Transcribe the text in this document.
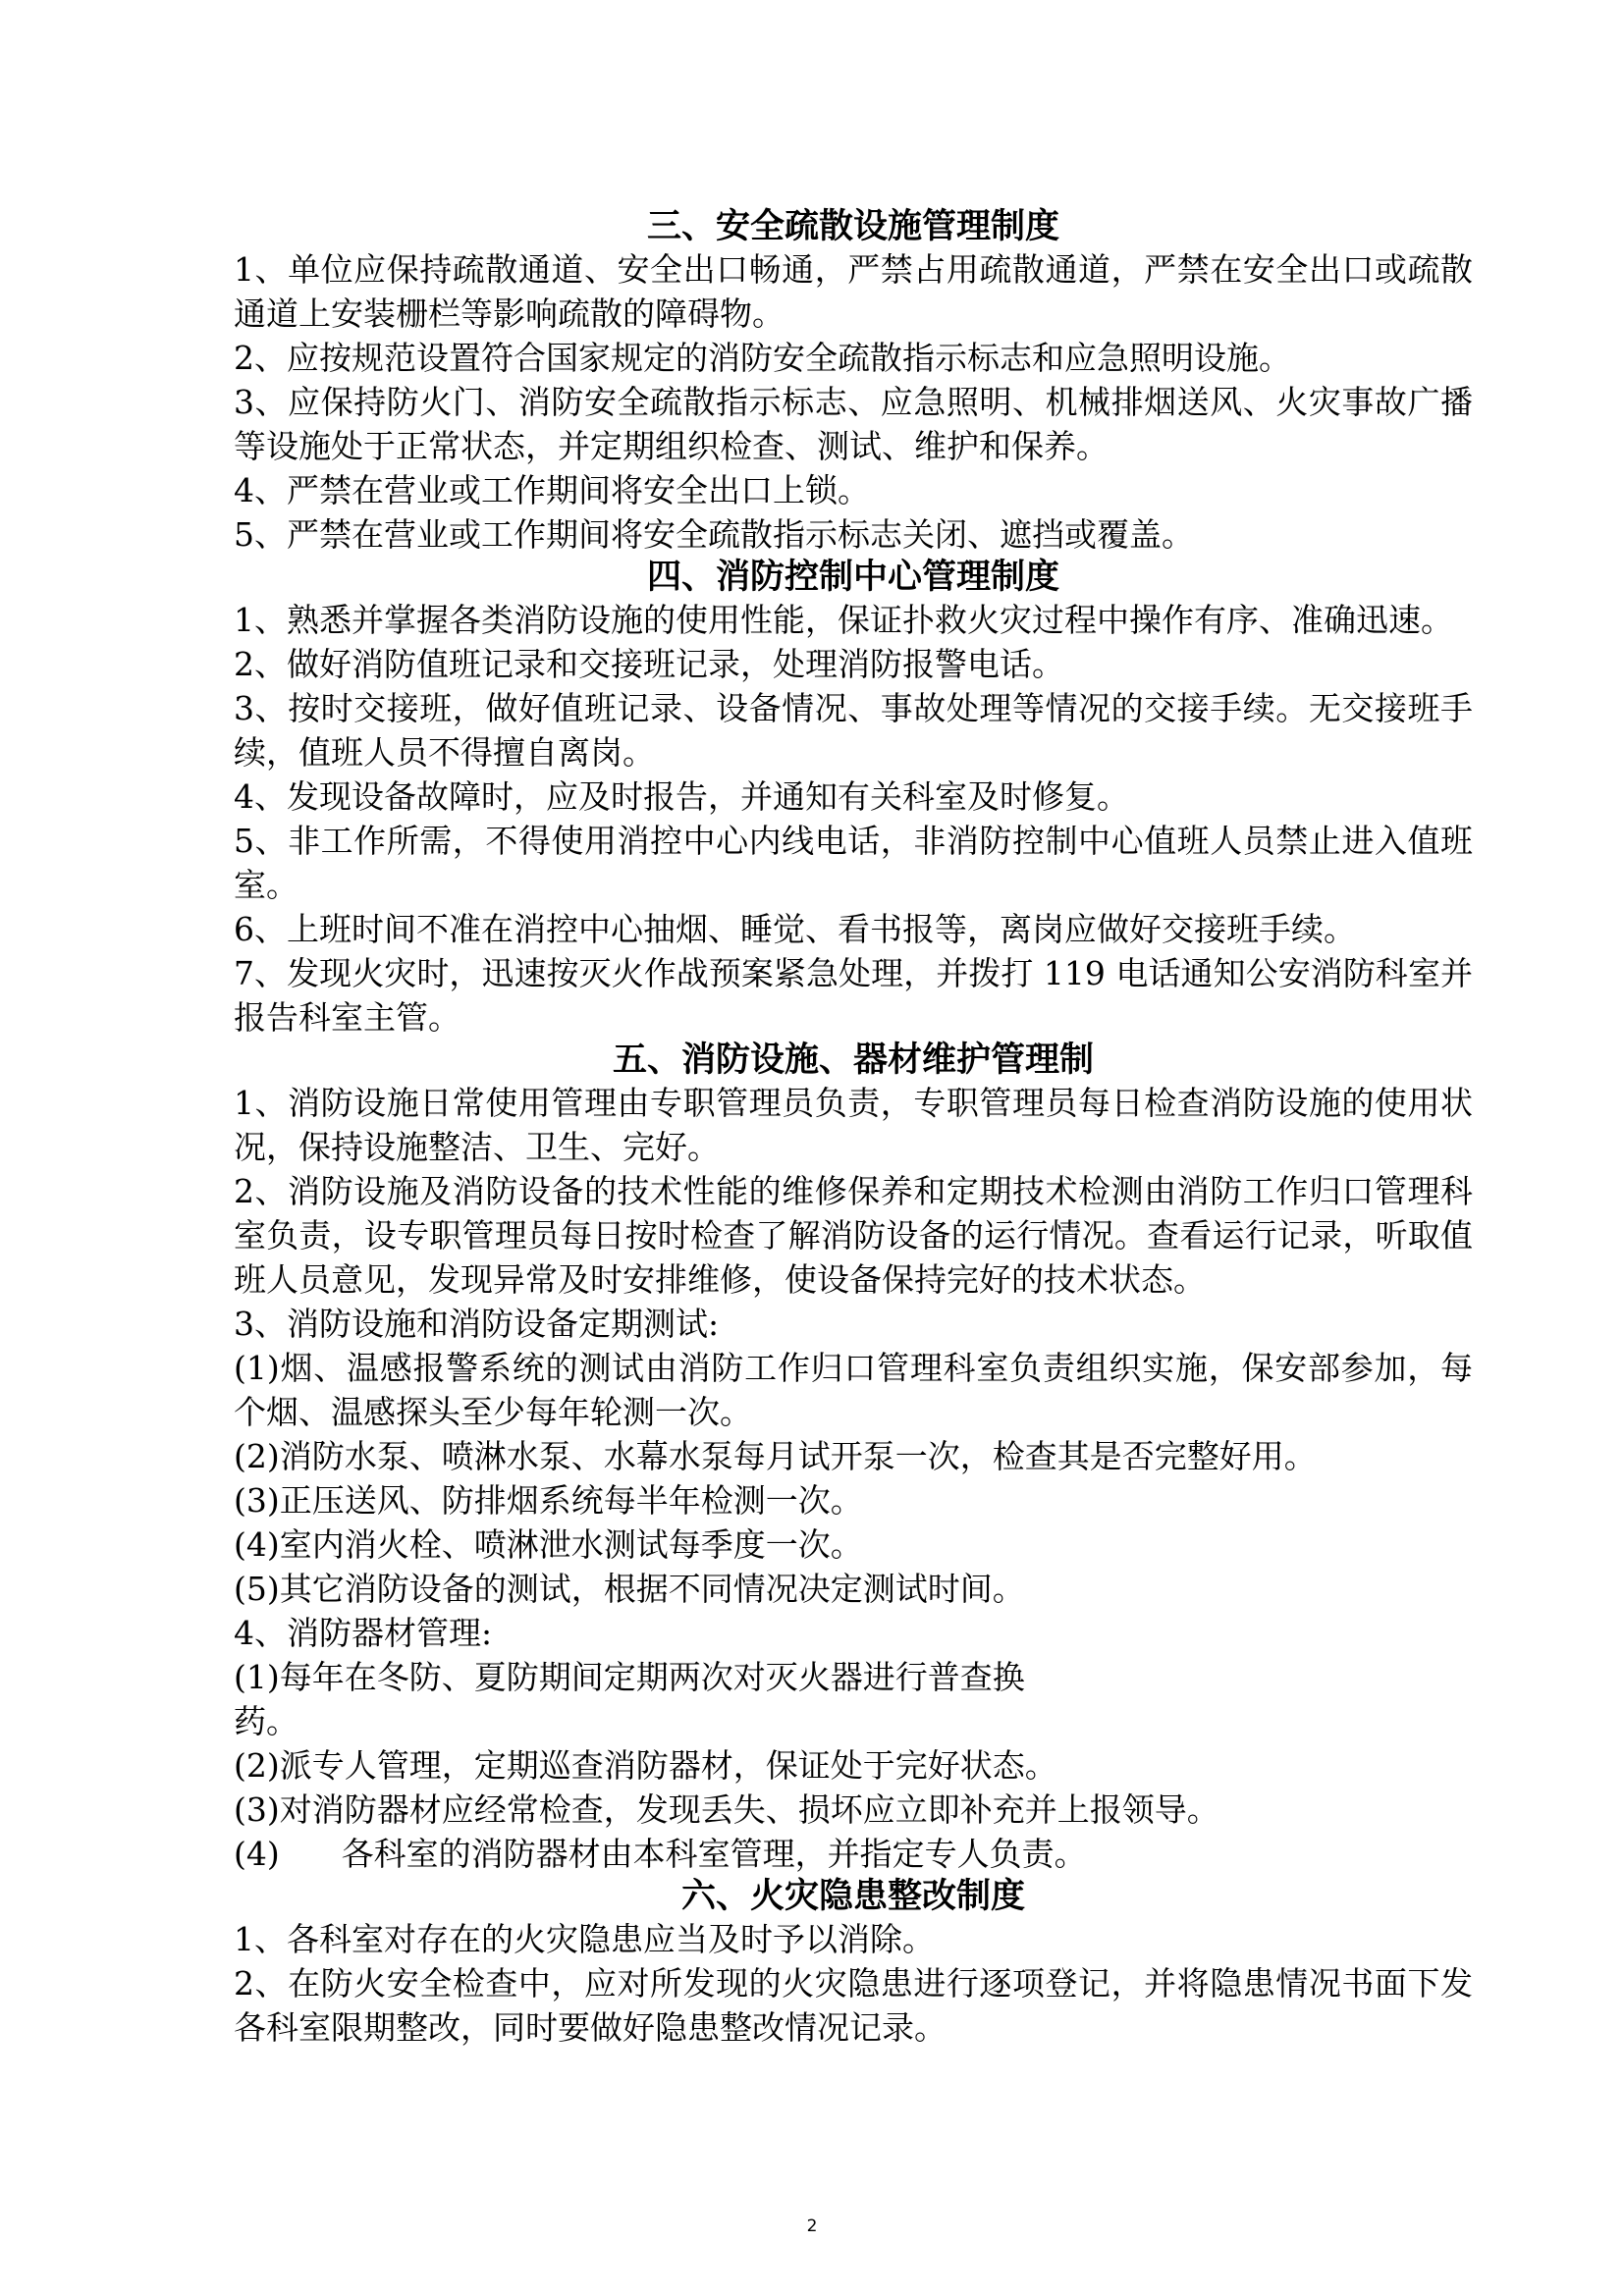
三、安全疏散设施管理制度

1、单位应保持疏散通道、安全出口畅通，严禁占用疏散通道，严禁在安全出口或疏散通道上安装栅栏等影响疏散的障碍物。

2、应按规范设置符合国家规定的消防安全疏散指示标志和应急照明设施。

3、应保持防火门、消防安全疏散指示标志、应急照明、机械排烟送风、火灾事故广播等设施处于正常状态，并定期组织检查、测试、维护和保养。

4、严禁在营业或工作期间将安全出口上锁。

5、严禁在营业或工作期间将安全疏散指示标志关闭、遮挡或覆盖。

四、消防控制中心管理制度

1、熟悉并掌握各类消防设施的使用性能，保证扑救火灾过程中操作有序、准确迅速。

2、做好消防值班记录和交接班记录，处理消防报警电话。

3、按时交接班，做好值班记录、设备情况、事故处理等情况的交接手续。无交接班手续，值班人员不得擅自离岗。

4、发现设备故障时，应及时报告，并通知有关科室及时修复。

5、非工作所需，不得使用消控中心内线电话，非消防控制中心值班人员禁止进入值班室。

6、上班时间不准在消控中心抽烟、睡觉、看书报等，离岗应做好交接班手续。

7、发现火灾时，迅速按灭火作战预案紧急处理，并拨打 119 电话通知公安消防科室并报告科室主管。

五、消防设施、器材维护管理制

1、消防设施日常使用管理由专职管理员负责，专职管理员每日检查消防设施的使用状况，保持设施整洁、卫生、完好。

2、消防设施及消防设备的技术性能的维修保养和定期技术检测由消防工作归口管理科室负责，设专职管理员每日按时检查了解消防设备的运行情况。查看运行记录，听取值班人员意见，发现异常及时安排维修，使设备保持完好的技术状态。

3、消防设施和消防设备定期测试:

(1)烟、温感报警系统的测试由消防工作归口管理科室负责组织实施，保安部参加，每个烟、温感探头至少每年轮测一次。

(2)消防水泵、喷淋水泵、水幕水泵每月试开泵一次，检查其是否完整好用。

(3)正压送风、防排烟系统每半年检测一次。

(4)室内消火栓、喷淋泄水测试每季度一次。

(5)其它消防设备的测试，根据不同情况决定测试时间。

4、消防器材管理:

(1)每年在冬防、夏防期间定期两次对灭火器进行普查换
药。

(2)派专人管理，定期巡查消防器材，保证处于完好状态。

(3)对消防器材应经常检查，发现丢失、损坏应立即补充并上报领导。

(4)      各科室的消防器材由本科室管理，并指定专人负责。

六、火灾隐患整改制度

1、各科室对存在的火灾隐患应当及时予以消除。

2、在防火安全检查中，应对所发现的火灾隐患进行逐项登记，并将隐患情况书面下发各科室限期整改，同时要做好隐患整改情况记录。

2
